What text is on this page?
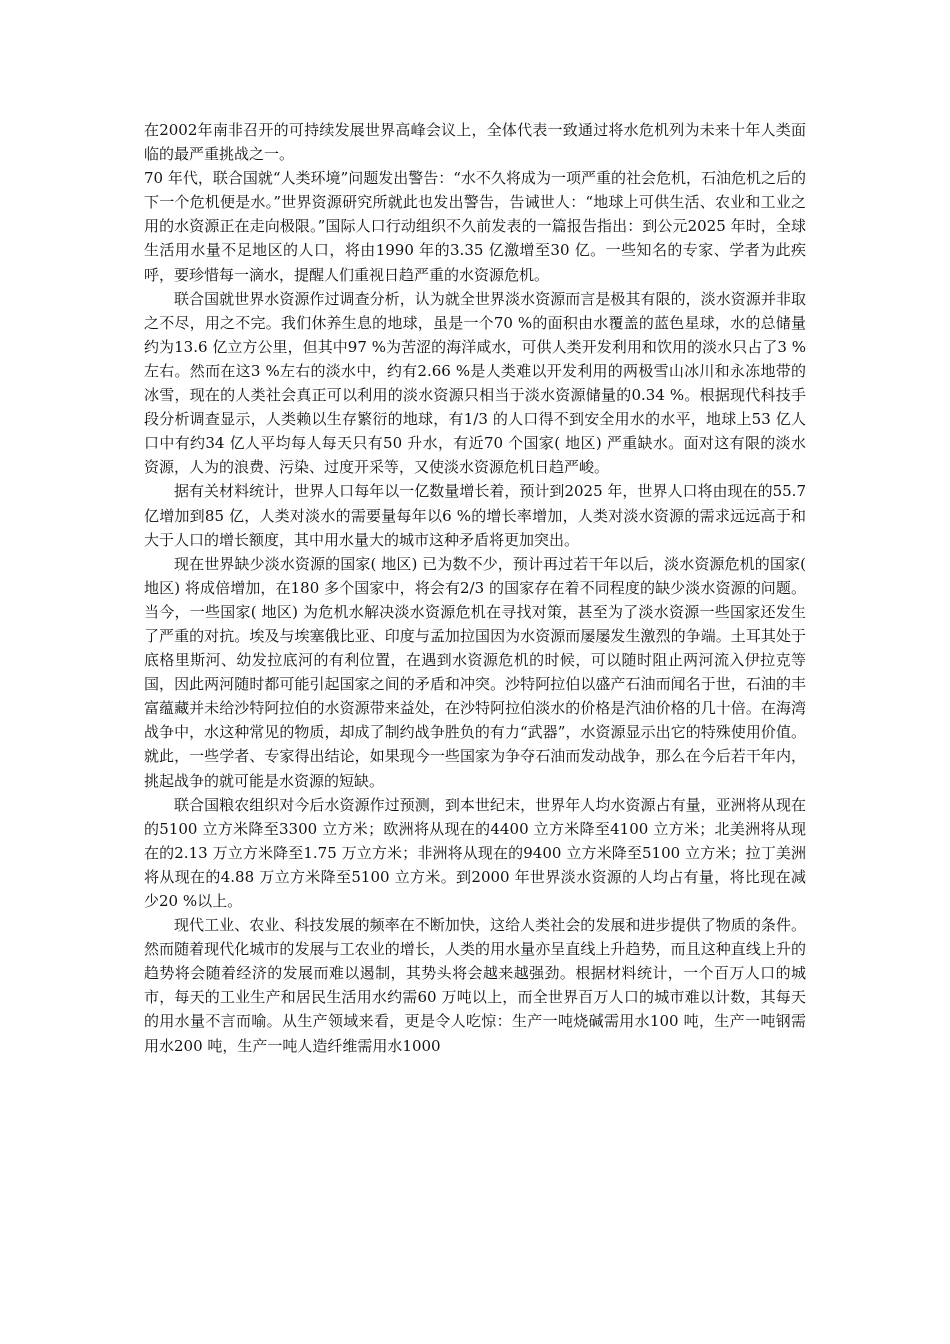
在2002年南非召开的可持续发展世界高峰会议上，全体代表一致通过将水危机列为未来十年人类面临的最严重挑战之一。

70 年代，联合国就“人类环境”问题发出警告：“水不久将成为一项严重的社会危机，石油危机之后的下一个危机便是水。”世界资源研究所就此也发出警告，告诫世人：“地球上可供生活、农业和工业之用的水资源正在走向极限。”国际人口行动组织不久前发表的一篇报告指出：到公元2025 年时，全球生活用水量不足地区的人口，将由1990 年的3.35 亿激增至30 亿。一些知名的专家、学者为此疾呼，要珍惜每一滴水，提醒人们重视日趋严重的水资源危机。

联合国就世界水资源作过调查分析，认为就全世界淡水资源而言是极其有限的，淡水资源并非取之不尽，用之不完。我们休养生息的地球，虽是一个70 %的面积由水覆盖的蓝色星球，水的总储量约为13.6 亿立方公里，但其中97 %为苦涩的海洋咸水，可供人类开发利用和饮用的淡水只占了3 %左右。然而在这3 %左右的淡水中，约有2.66 %是人类难以开发利用的两极雪山冰川和永冻地带的冰雪，现在的人类社会真正可以利用的淡水资源只相当于淡水资源储量的0.34 %。根据现代科技手段分析调查显示，人类赖以生存繁衍的地球，有1/3 的人口得不到安全用水的水平，地球上53 亿人口中有约34 亿人平均每人每天只有50 升水，有近70 个国家( 地区) 严重缺水。面对这有限的淡水资源，人为的浪费、污染、过度开采等，又使淡水资源危机日趋严峻。

据有关材料统计，世界人口每年以一亿数量增长着，预计到2025 年，世界人口将由现在的55.7 亿增加到85 亿，人类对淡水的需要量每年以6 %的增长率增加，人类对淡水资源的需求远远高于和大于人口的增长额度，其中用水量大的城市这种矛盾将更加突出。

现在世界缺少淡水资源的国家( 地区) 已为数不少，预计再过若干年以后，淡水资源危机的国家( 地区) 将成倍增加，在180 多个国家中，将会有2/3 的国家存在着不同程度的缺少淡水资源的问题。当今，一些国家( 地区) 为危机水解决淡水资源危机在寻找对策，甚至为了淡水资源一些国家还发生了严重的对抗。埃及与埃塞俄比亚、印度与孟加拉国因为水资源而屡屡发生激烈的争端。土耳其处于底格里斯河、幼发拉底河的有利位置，在遇到水资源危机的时候，可以随时阻止两河流入伊拉克等国，因此两河随时都可能引起国家之间的矛盾和冲突。沙特阿拉伯以盛产石油而闻名于世，石油的丰富蕴藏并未给沙特阿拉伯的水资源带来益处，在沙特阿拉伯淡水的价格是汽油价格的几十倍。在海湾战争中，水这种常见的物质，却成了制约战争胜负的有力“武器”，水资源显示出它的特殊使用价值。就此，一些学者、专家得出结论，如果现今一些国家为争夺石油而发动战争，那么在今后若干年内，挑起战争的就可能是水资源的短缺。

联合国粮农组织对今后水资源作过预测，到本世纪末，世界年人均水资源占有量，亚洲将从现在的5100 立方米降至3300 立方米；欧洲将从现在的4400 立方米降至4100 立方米；北美洲将从现在的2.13 万立方米降至1.75 万立方米；非洲将从现在的9400 立方米降至5100 立方米；拉丁美洲将从现在的4.88 万立方米降至5100 立方米。到2000 年世界淡水资源的人均占有量，将比现在减少20 %以上。

现代工业、农业、科技发展的频率在不断加快，这给人类社会的发展和进步提供了物质的条件。然而随着现代化城市的发展与工农业的增长，人类的用水量亦呈直线上升趋势，而且这种直线上升的趋势将会随着经济的发展而难以遏制，其势头将会越来越强劲。根据材料统计，一个百万人口的城市，每天的工业生产和居民生活用水约需60 万吨以上，而全世界百万人口的城市难以计数，其每天的用水量不言而喻。从生产领域来看，更是令人吃惊：生产一吨烧碱需用水100 吨，生产一吨钢需用水200 吨，生产一吨人造纤维需用水1000
